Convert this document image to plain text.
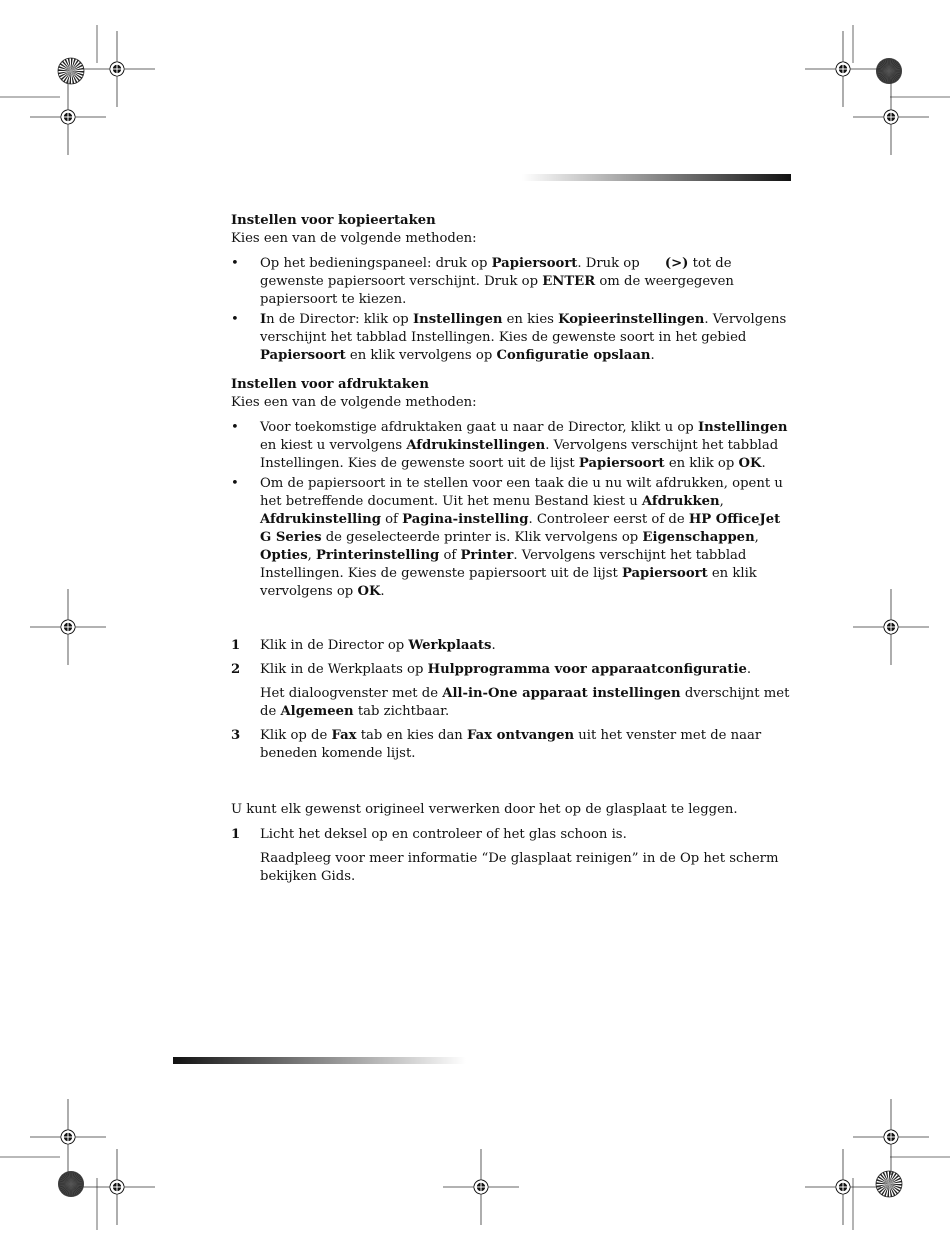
Instellen voor kopieertaken

Kies een van de volgende methoden:

• Op het bedieningspaneel: druk op Papiersoort. Druk op      (>) tot de gewenste papiersoort verschijnt. Druk op ENTER om de weergegeven papiersoort te kiezen.
• In de Director: klik op Instellingen en kies Kopieerinstellingen. Vervolgens verschijnt het tabblad Instellingen. Kies de gewenste soort in het gebied Papiersoort en klik vervolgens op Configuratie opslaan.

Instellen voor afdruktaken

Kies een van de volgende methoden:

• Voor toekomstige afdruktaken gaat u naar de Director, klikt u op Instellingen en kiest u vervolgens Afdrukinstellingen. Vervolgens verschijnt het tabblad Instellingen. Kies de gewenste soort uit de lijst Papiersoort en klik op OK.
• Om de papiersoort in te stellen voor een taak die u nu wilt afdrukken, opent u het betreffende document. Uit het menu Bestand kiest u Afdrukken, Afdrukinstelling of Pagina-instelling. Controleer eerst of de HP OfficeJet G Series de geselecteerde printer is. Klik vervolgens op Eigenschappen, Opties, Printerinstelling of Printer. Vervolgens verschijnt het tabblad Instellingen. Kies de gewenste papiersoort uit de lijst Papiersoort en klik vervolgens op OK.

1 Klik in de Director op Werkplaats.

2 Klik in de Werkplaats op Hulpprogramma voor apparaatconfiguratie.

Het dialoogvenster met de All-in-One apparaat instellingen dverschijnt met de Algemeen tab zichtbaar.

3 Klik op de Fax tab en kies dan Fax ontvangen uit het venster met de naar beneden komende lijst.

U kunt elk gewenst origineel verwerken door het op de glasplaat te leggen.

1 Licht het deksel op en controleer of het glas schoon is.

Raadpleeg voor meer informatie “De glasplaat reinigen” in de Op het scherm bekijken Gids.
